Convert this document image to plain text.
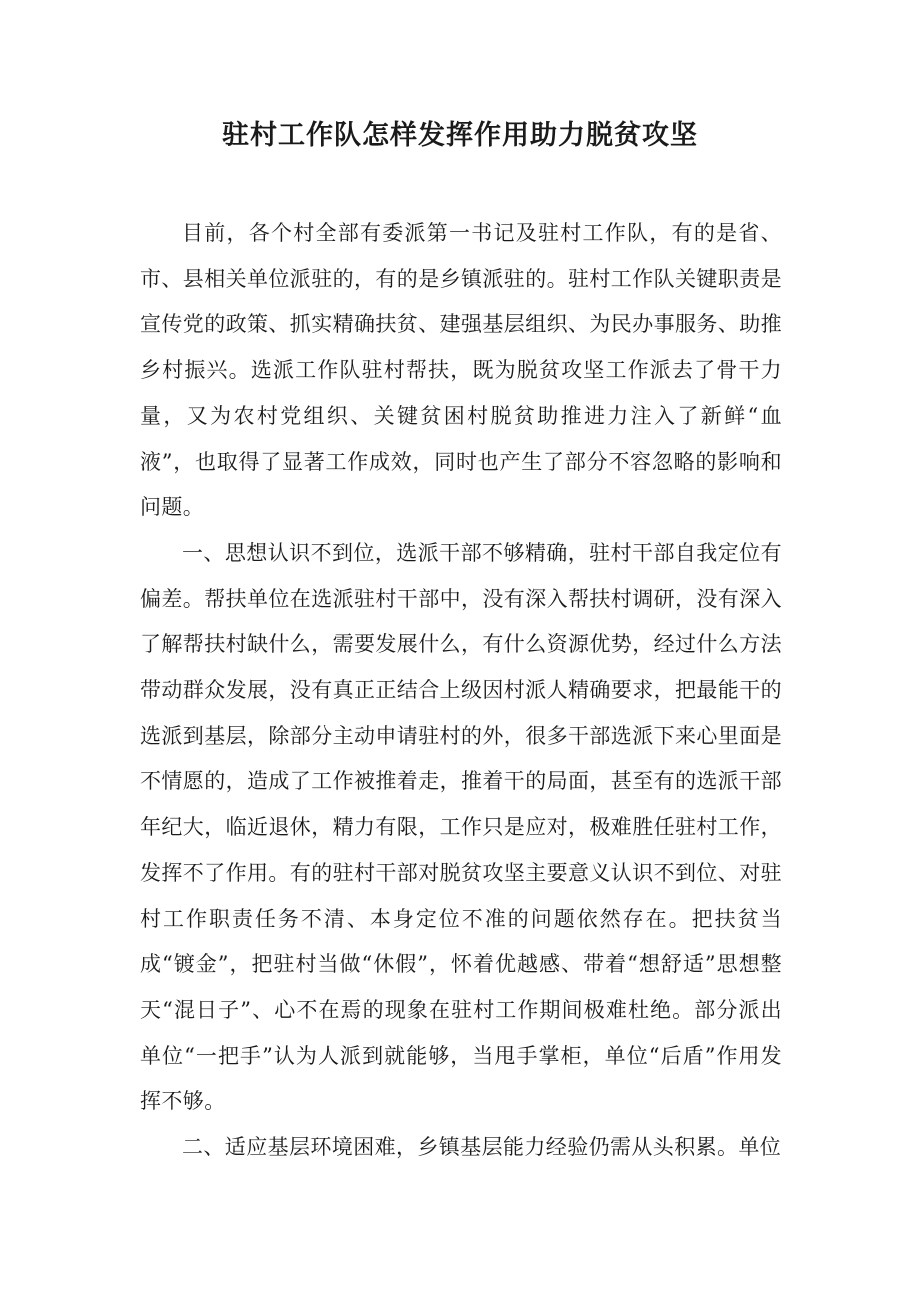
驻村工作队怎样发挥作用助力脱贫攻坚

目前，各个村全部有委派第一书记及驻村工作队，有的是省、市、县相关单位派驻的，有的是乡镇派驻的。驻村工作队关键职责是宣传党的政策、抓实精确扶贫、建强基层组织、为民办事服务、助推乡村振兴。选派工作队驻村帮扶，既为脱贫攻坚工作派去了骨干力量，又为农村党组织、关键贫困村脱贫助推进力注入了新鲜“血液”，也取得了显著工作成效，同时也产生了部分不容忽略的影响和问题。

一、思想认识不到位，选派干部不够精确，驻村干部自我定位有偏差。帮扶单位在选派驻村干部中，没有深入帮扶村调研，没有深入了解帮扶村缺什么，需要发展什么，有什么资源优势，经过什么方法带动群众发展，没有真正正结合上级因村派人精确要求，把最能干的选派到基层，除部分主动申请驻村的外，很多干部选派下来心里面是不情愿的，造成了工作被推着走，推着干的局面，甚至有的选派干部年纪大，临近退休，精力有限，工作只是应对，极难胜任驻村工作，发挥不了作用。有的驻村干部对脱贫攻坚主要意义认识不到位、对驻村工作职责任务不清、本身定位不准的问题依然存在。把扶贫当成“镀金”，把驻村当做“休假”，怀着优越感、带着“想舒适”思想整天“混日子”、心不在焉的现象在驻村工作期间极难杜绝。部分派出单位“一把手”认为人派到就能够，当甩手掌柜，单位“后盾”作用发挥不够。

二、适应基层环境困难，乡镇基层能力经验仍需从头积累。单位
